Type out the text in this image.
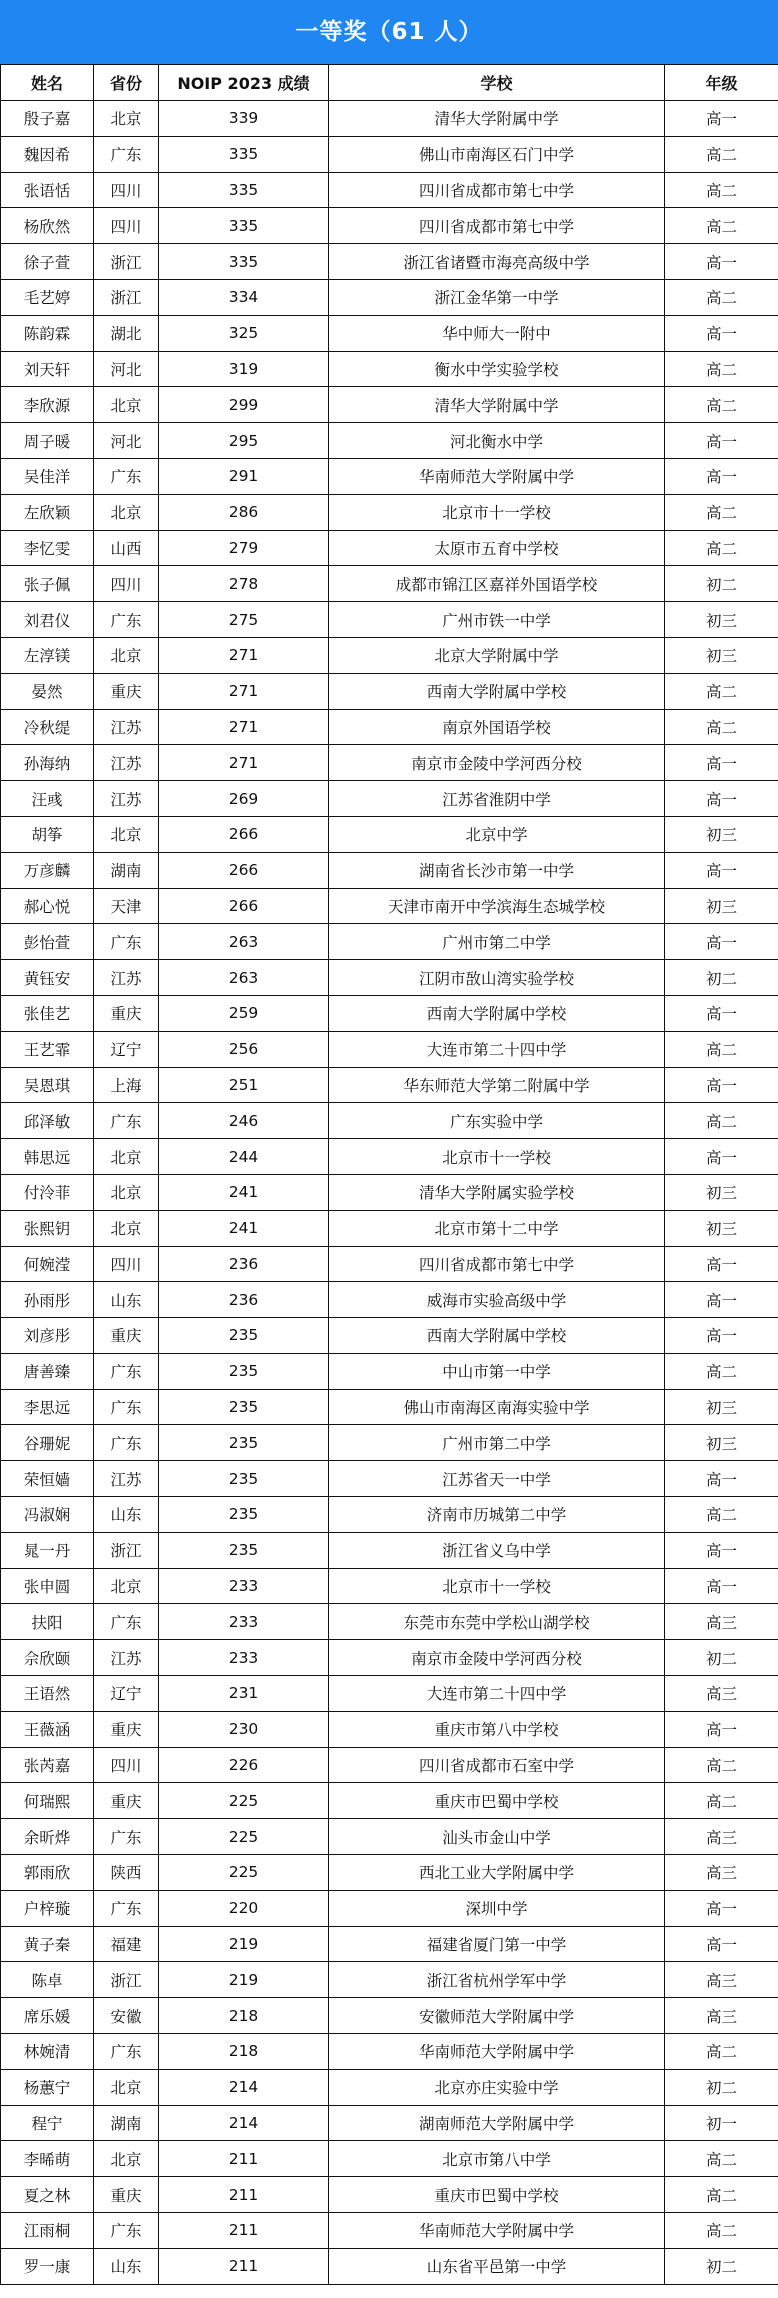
一等奖（61 人）
姓名	省份	NOIP 2023 成绩	学校	年级
殷子嘉	北京	339	清华大学附属中学	高一
魏因希	广东	335	佛山市南海区石门中学	高二
张语恬	四川	335	四川省成都市第七中学	高二
杨欣然	四川	335	四川省成都市第七中学	高二
徐子萱	浙江	335	浙江省诸暨市海亮高级中学	高一
毛艺婷	浙江	334	浙江金华第一中学	高二
陈韵霖	湖北	325	华中师大一附中	高一
刘天轩	河北	319	衡水中学实验学校	高二
李欣源	北京	299	清华大学附属中学	高二
周子暖	河北	295	河北衡水中学	高一
吴佳洋	广东	291	华南师范大学附属中学	高一
左欣颖	北京	286	北京市十一学校	高二
李忆雯	山西	279	太原市五育中学校	高二
张子佩	四川	278	成都市锦江区嘉祥外国语学校	初二
刘君仪	广东	275	广州市铁一中学	初三
左淳镁	北京	271	北京大学附属中学	初三
晏然	重庆	271	西南大学附属中学校	高二
冷秋缇	江苏	271	南京外国语学校	高二
孙海纳	江苏	271	南京市金陵中学河西分校	高一
汪彧	江苏	269	江苏省淮阴中学	高一
胡筝	北京	266	北京中学	初三
万彦麟	湖南	266	湖南省长沙市第一中学	高一
郝心悦	天津	266	天津市南开中学滨海生态城学校	初三
彭怡萱	广东	263	广州市第二中学	高一
黄钰安	江苏	263	江阴市敔山湾实验学校	初二
张佳艺	重庆	259	西南大学附属中学校	高一
王艺霏	辽宁	256	大连市第二十四中学	高二
吴恩琪	上海	251	华东师范大学第二附属中学	高一
邱泽敏	广东	246	广东实验中学	高二
韩思远	北京	244	北京市十一学校	高一
付泠菲	北京	241	清华大学附属实验学校	初三
张熙钥	北京	241	北京市第十二中学	初三
何婉滢	四川	236	四川省成都市第七中学	高一
孙雨彤	山东	236	威海市实验高级中学	高一
刘彦彤	重庆	235	西南大学附属中学校	高一
唐善臻	广东	235	中山市第一中学	高二
李思远	广东	235	佛山市南海区南海实验中学	初三
谷珊妮	广东	235	广州市第二中学	初三
荣恒嫱	江苏	235	江苏省天一中学	高一
冯淑娴	山东	235	济南市历城第二中学	高二
晁一丹	浙江	235	浙江省义乌中学	高一
张申圆	北京	233	北京市十一学校	高一
扶阳	广东	233	东莞市东莞中学松山湖学校	高三
佘欣颐	江苏	233	南京市金陵中学河西分校	初二
王语然	辽宁	231	大连市第二十四中学	高三
王薇涵	重庆	230	重庆市第八中学校	高一
张芮嘉	四川	226	四川省成都市石室中学	高二
何瑞熙	重庆	225	重庆市巴蜀中学校	高二
余昕烨	广东	225	汕头市金山中学	高三
郭雨欣	陕西	225	西北工业大学附属中学	高三
户梓璇	广东	220	深圳中学	高一
黄子秦	福建	219	福建省厦门第一中学	高一
陈卓	浙江	219	浙江省杭州学军中学	高三
席乐媛	安徽	218	安徽师范大学附属中学	高三
林婉清	广东	218	华南师范大学附属中学	高二
杨蕙宁	北京	214	北京亦庄实验中学	初二
程宁	湖南	214	湖南师范大学附属中学	初一
李晞萌	北京	211	北京市第八中学	高二
夏之林	重庆	211	重庆市巴蜀中学校	高二
江雨桐	广东	211	华南师范大学附属中学	高二
罗一康	山东	211	山东省平邑第一中学	初二
